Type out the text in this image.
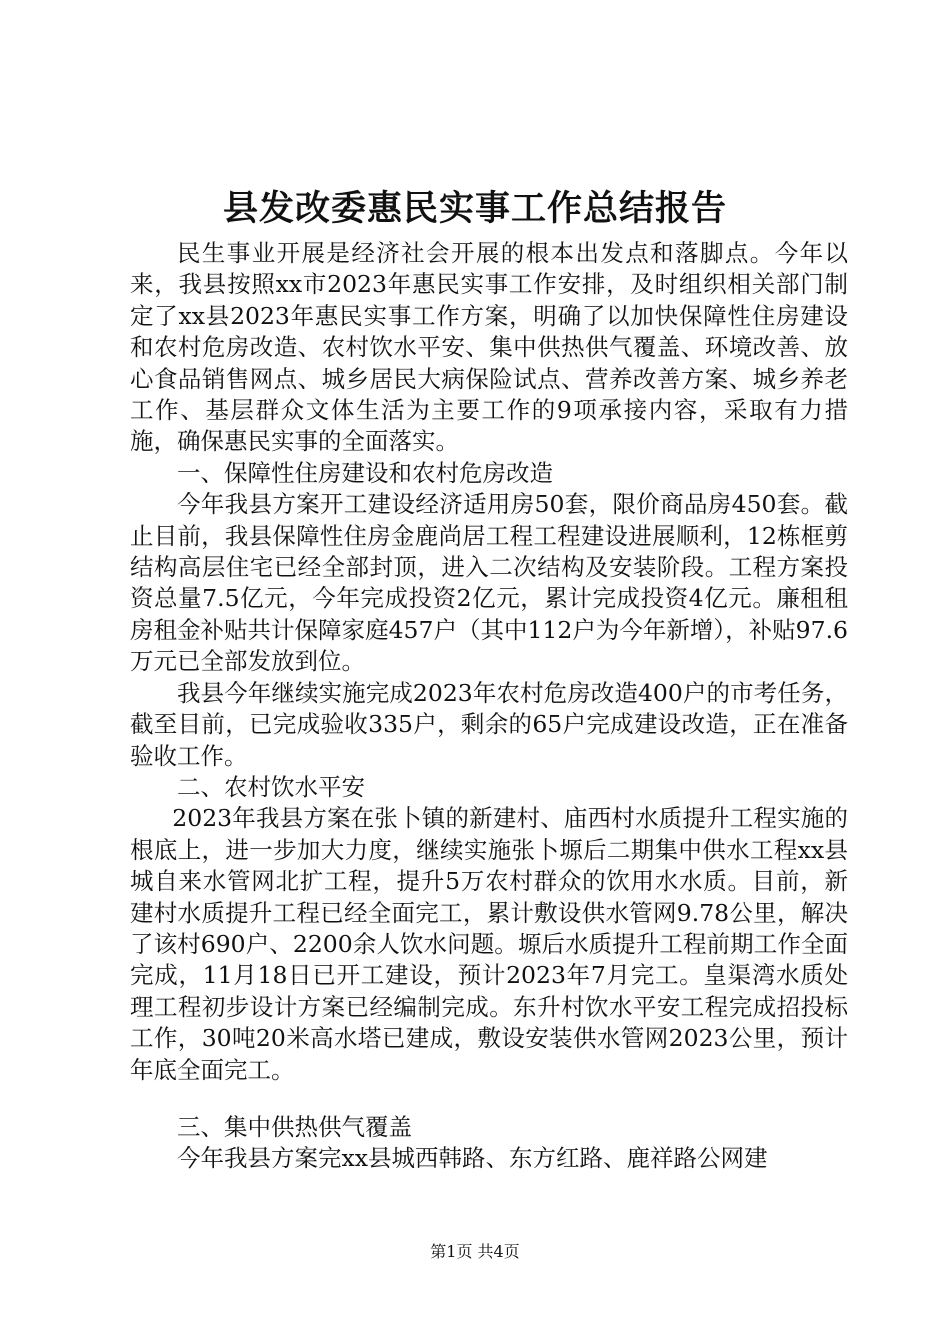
县发改委惠民实事工作总结报告

民生事业开展是经济社会开展的根本出发点和落脚点。今年以来，我县按照xx市2023年惠民实事工作安排，及时组织相关部门制定了xx县2023年惠民实事工作方案，明确了以加快保障性住房建设和农村危房改造、农村饮水平安、集中供热供气覆盖、环境改善、放心食品销售网点、城乡居民大病保险试点、营养改善方案、城乡养老工作、基层群众文体生活为主要工作的9项承接内容，采取有力措施，确保惠民实事的全面落实。

一、保障性住房建设和农村危房改造

今年我县方案开工建设经济适用房50套，限价商品房450套。截止目前，我县保障性住房金鹿尚居工程工程建设进展顺利，12栋框剪结构高层住宅已经全部封顶，进入二次结构及安装阶段。工程方案投资总量7.5亿元，今年完成投资2亿元，累计完成投资4亿元。廉租租房租金补贴共计保障家庭457户（其中112户为今年新增），补贴97.6万元已全部发放到位。

我县今年继续实施完成2023年农村危房改造400户的市考任务，截至目前，已完成验收335户，剩余的65户完成建设改造，正在准备验收工作。

二、农村饮水平安

2023年我县方案在张卜镇的新建村、庙西村水质提升工程实施的根底上，进一步加大力度，继续实施张卜塬后二期集中供水工程xx县城自来水管网北扩工程，提升5万农村群众的饮用水水质。目前，新建村水质提升工程已经全面完工，累计敷设供水管网9.78公里，解决了该村690户、2200余人饮水问题。塬后水质提升工程前期工作全面完成，11月18日已开工建设，预计2023年7月完工。皇渠湾水质处理工程初步设计方案已经编制完成。东升村饮水平安工程完成招投标工作，30吨20米高水塔已建成，敷设安装供水管网2023公里，预计年底全面完工。

三、集中供热供气覆盖

今年我县方案完xx县城西韩路、东方红路、鹿祥路公网建

第1页 共4页
